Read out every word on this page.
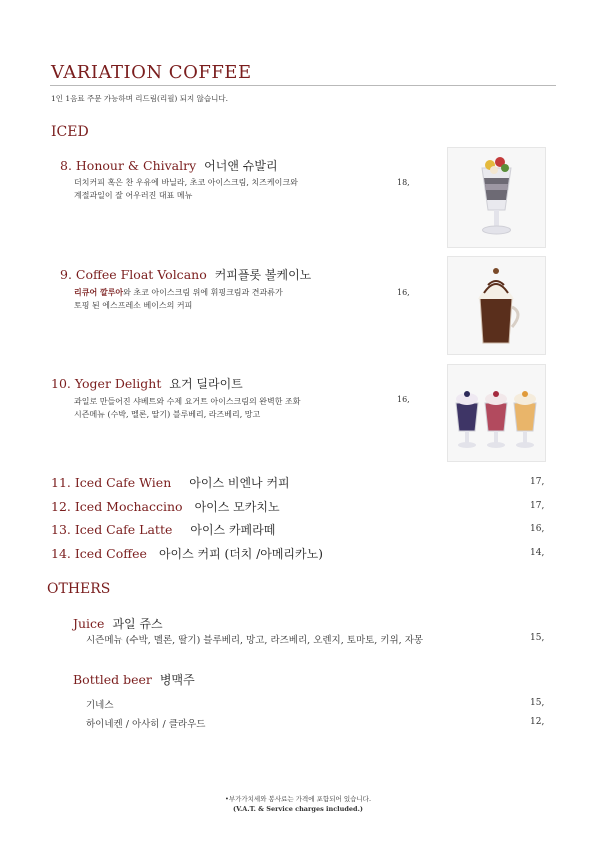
VARIATION COFFEE
1인 1음료 주문 가능하며 리드림(리필) 되지 않습니다.
ICED
8. Honour & Chivalry 어너앤 슈발리
더치커피 혹은 찬 우유에 바닐라, 초코 아이스크림, 치즈케이크와
계절과일이 잘 어우러진 대표 메뉴
18,
9. Coffee Float Volcano 커피플롯 볼케이노
리큐어 깔루아와 초코 아이스크림 위에 휘핑크림과 견과류가
토핑 된 에스프레소 베이스의 커피
16,
10. Yoger Delight 요거 딜라이트
과일로 만들어진 샤베트와 수제 요거트 아이스크림의 완벽한 조화
시즌메뉴 (수박, 멜론, 딸기) 블루베리, 라즈베리, 망고
16,
11. Iced Cafe Wien 아이스 비엔나 커피	17,
12. Iced Mochaccino 아이스 모카치노	17,
13. Iced Cafe Latte 아이스 카페라떼	16,
14. Iced Coffee 아이스 커피 (더치 /아메리카노)	14,
OTHERS
Juice 과일 쥬스
시즌메뉴 (수박, 멜론, 딸기) 블루베리, 망고, 라즈베리, 오렌지, 토마토, 키위, 자몽	15,
Bottled beer 병맥주
기네스	15,
하이네켄 / 아사히 / 클라우드	12,
•부가가치세와 봉사료는 가격에 포함되어 있습니다.
(V.A.T. & Service charges included.)
